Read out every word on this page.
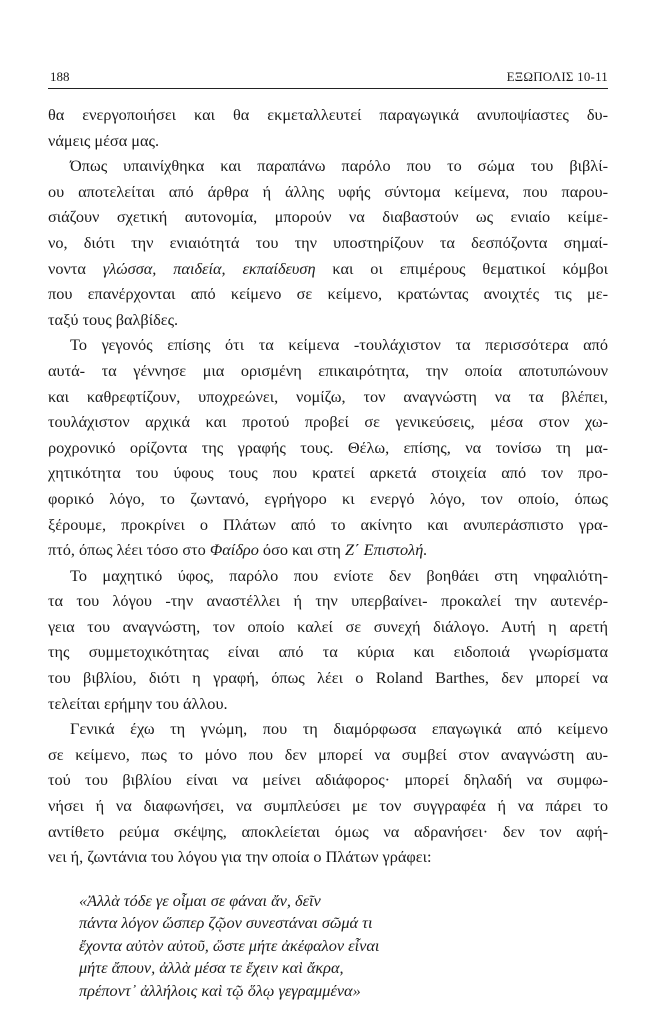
188	ΕΞΩΠΟΛΙΣ 10-11

θα ενεργοποιήσει και θα εκμεταλλευτεί παραγωγικά ανυποψίαστες δυ-
νάμεις μέσα μας.

Όπως υπαινίχθηκα και παραπάνω παρόλο που το σώμα του βιβλί-
ου αποτελείται από άρθρα ή άλλης υφής σύντομα κείμενα, που παρου-
σιάζουν σχετική αυτονομία, μπορούν να διαβαστούν ως ενιαίο κείμε-
νο, διότι την ενιαιότητά του την υποστηρίζουν τα δεσπόζοντα σημαί-
νοντα γλώσσα, παιδεία, εκπαίδευση και οι επιμέρους θεματικοί κόμβοι
που επανέρχονται από κείμενο σε κείμενο, κρατώντας ανοιχτές τις με-
ταξύ τους βαλβίδες.

Το γεγονός επίσης ότι τα κείμενα -τουλάχιστον τα περισσότερα από
αυτά- τα γέννησε μια ορισμένη επικαιρότητα, την οποία αποτυπώνουν
και καθρεφτίζουν, υποχρεώνει, νομίζω, τον αναγνώστη να τα βλέπει,
τουλάχιστον αρχικά και προτού προβεί σε γενικεύσεις, μέσα στον χω-
ροχρονικό ορίζοντα της γραφής τους. Θέλω, επίσης, να τονίσω τη μα-
χητικότητα του ύφους τους που κρατεί αρκετά στοιχεία από τον προ-
φορικό λόγο, το ζωντανό, εγρήγορο κι ενεργό λόγο, τον οποίο, όπως
ξέρουμε, προκρίνει ο Πλάτων από το ακίνητο και ανυπεράσπιστο γρα-
πτό, όπως λέει τόσο στο Φαίδρο όσο και στη Ζ΄ Επιστολή.

Το μαχητικό ύφος, παρόλο που ενίοτε δεν βοηθάει στη νηφαλιότη-
τα του λόγου -την αναστέλλει ή την υπερβαίνει- προκαλεί την αυτενέρ-
γεια του αναγνώστη, τον οποίο καλεί σε συνεχή διάλογο. Αυτή η αρετή
της συμμετοχικότητας είναι από τα κύρια και ειδοποιά γνωρίσματα
του βιβλίου, διότι η γραφή, όπως λέει ο Roland Barthes, δεν μπορεί να
τελείται ερήμην του άλλου.

Γενικά έχω τη γνώμη, που τη διαμόρφωσα επαγωγικά από κείμενο
σε κείμενο, πως το μόνο που δεν μπορεί να συμβεί στον αναγνώστη αυ-
τού του βιβλίου είναι να μείνει αδιάφορος· μπορεί δηλαδή να συμφω-
νήσει ή να διαφωνήσει, να συμπλεύσει με τον συγγραφέα ή να πάρει το
αντίθετο ρεύμα σκέψης, αποκλείεται όμως να αδρανήσει· δεν τον αφή-
νει ή, ζωντάνια του λόγου για την οποία ο Πλάτων γράφει:

«Ἀλλὰ τόδε γε οἶμαι σε φάναι ἄν, δεῖν
πάντα λόγον ὥσπερ ζῷον συνεστάναι σῶμά τι
ἔχοντα αὐτὸν αὐτοῦ, ὥστε μήτε ἀκέφαλον εἶναι
μήτε ἄπουν, ἀλλὰ μέσα τε ἔχειν καὶ ἄκρα,
πρέποντ᾽ ἀλλήλοις καὶ τῷ ὅλῳ γεγραμμένα»
